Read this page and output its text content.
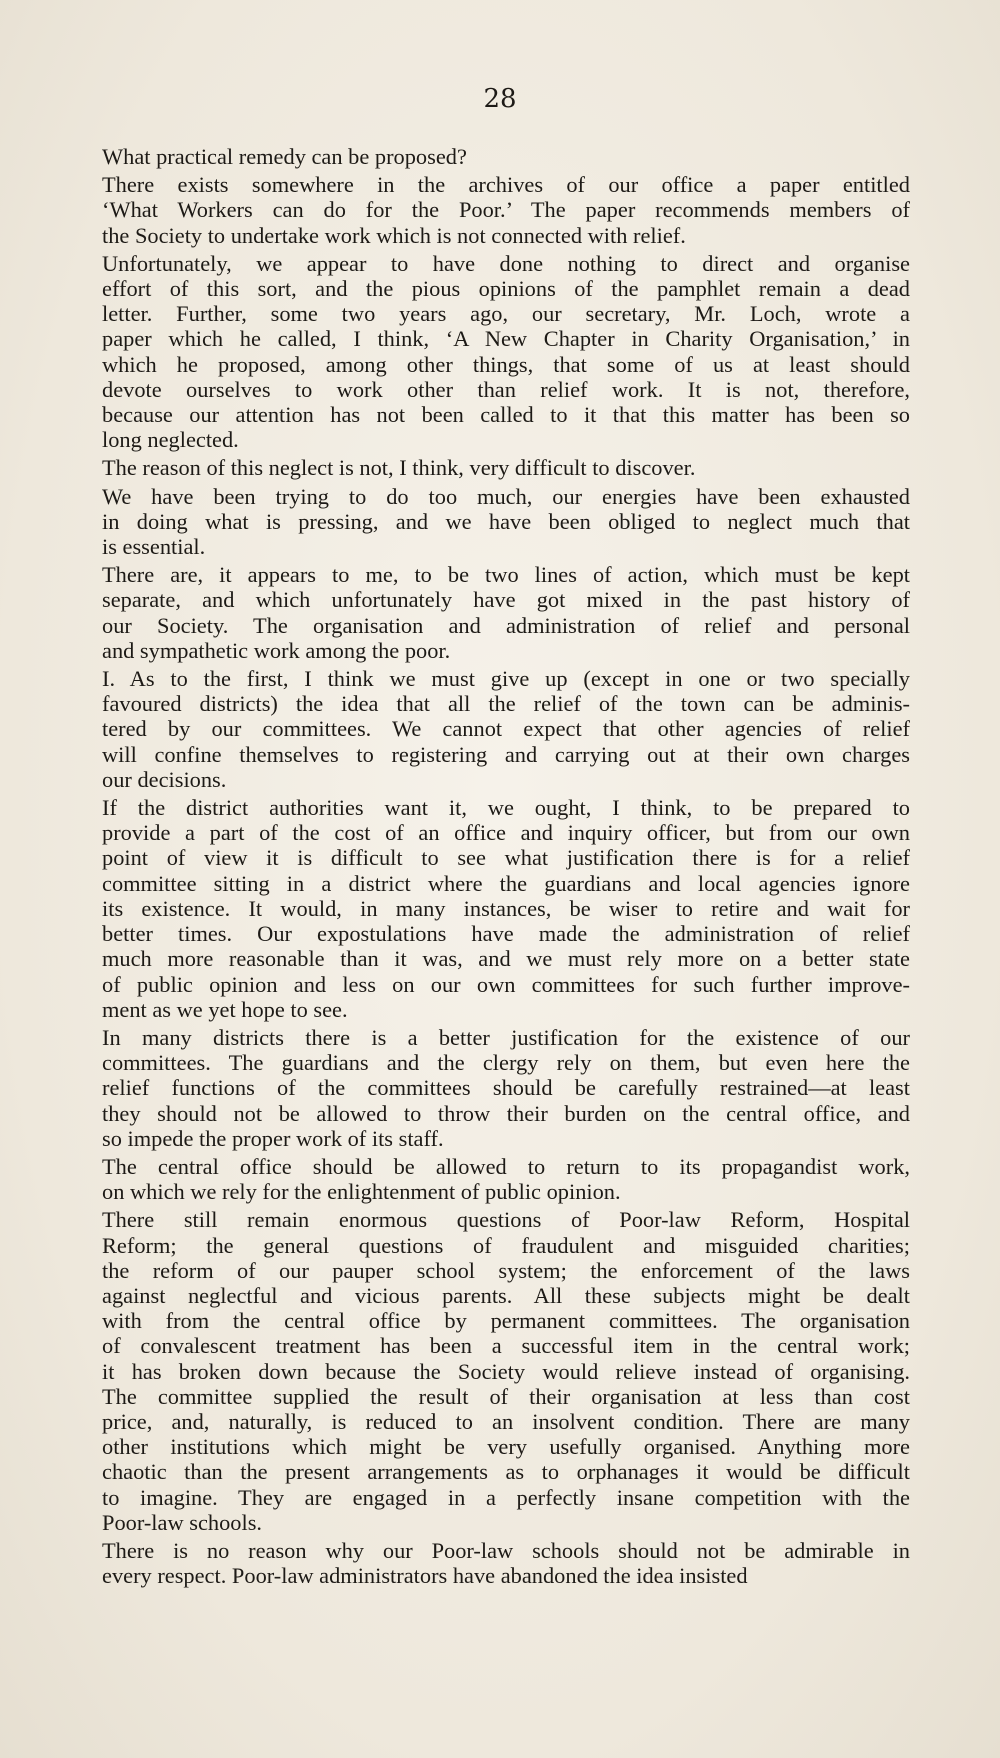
28
What practical remedy can be proposed?
There exists somewhere in the archives of our office a paper entitled
‘What Workers can do for the Poor.’ The paper recommends members of
the Society to undertake work which is not connected with relief.
Unfortunately, we appear to have done nothing to direct and organise
effort of this sort, and the pious opinions of the pamphlet remain a dead
letter. Further, some two years ago, our secretary, Mr. Loch, wrote a
paper which he called, I think, ‘A New Chapter in Charity Organisation,’ in
which he proposed, among other things, that some of us at least should
devote ourselves to work other than relief work. It is not, therefore,
because our attention has not been called to it that this matter has been so
long neglected.
The reason of this neglect is not, I think, very difficult to discover.
We have been trying to do too much, our energies have been exhausted
in doing what is pressing, and we have been obliged to neglect much that
is essential.
There are, it appears to me, to be two lines of action, which must be kept
separate, and which unfortunately have got mixed in the past history of
our Society. The organisation and administration of relief and personal
and sympathetic work among the poor.
I. As to the first, I think we must give up (except in one or two specially
favoured districts) the idea that all the relief of the town can be adminis-
tered by our committees. We cannot expect that other agencies of relief
will confine themselves to registering and carrying out at their own charges
our decisions.
If the district authorities want it, we ought, I think, to be prepared to
provide a part of the cost of an office and inquiry officer, but from our own
point of view it is difficult to see what justification there is for a relief
committee sitting in a district where the guardians and local agencies ignore
its existence. It would, in many instances, be wiser to retire and wait for
better times. Our expostulations have made the administration of relief
much more reasonable than it was, and we must rely more on a better state
of public opinion and less on our own committees for such further improve-
ment as we yet hope to see.
In many districts there is a better justification for the existence of our
committees. The guardians and the clergy rely on them, but even here the
relief functions of the committees should be carefully restrained—at least
they should not be allowed to throw their burden on the central office, and
so impede the proper work of its staff.
The central office should be allowed to return to its propagandist work,
on which we rely for the enlightenment of public opinion.
There still remain enormous questions of Poor-law Reform, Hospital
Reform; the general questions of fraudulent and misguided charities;
the reform of our pauper school system; the enforcement of the laws
against neglectful and vicious parents. All these subjects might be dealt
with from the central office by permanent committees. The organisation
of convalescent treatment has been a successful item in the central work;
it has broken down because the Society would relieve instead of organising.
The committee supplied the result of their organisation at less than cost
price, and, naturally, is reduced to an insolvent condition. There are many
other institutions which might be very usefully organised. Anything more
chaotic than the present arrangements as to orphanages it would be difficult
to imagine. They are engaged in a perfectly insane competition with the
Poor-law schools.
There is no reason why our Poor-law schools should not be admirable in
every respect. Poor-law administrators have abandoned the idea insisted
